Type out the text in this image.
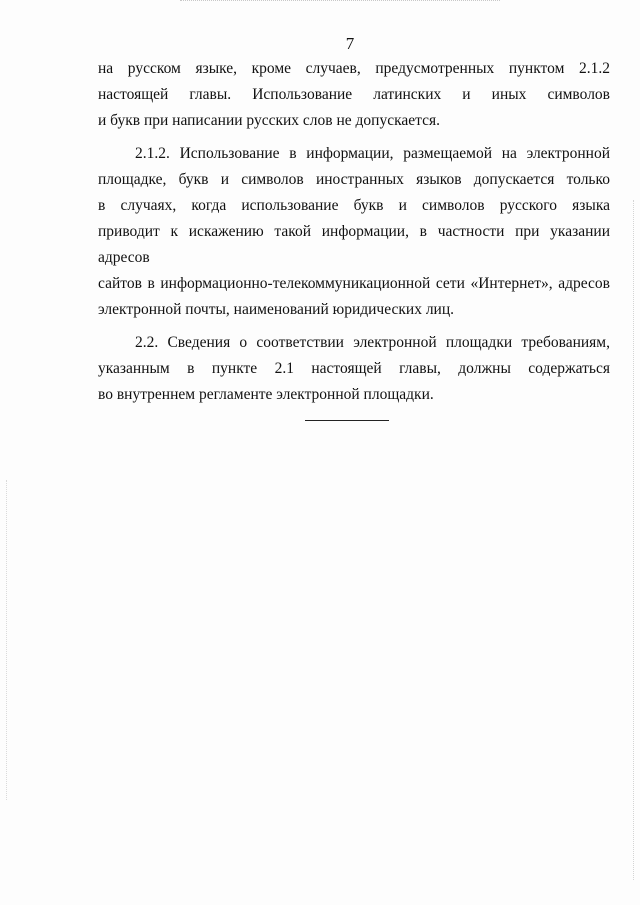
7

на русском языке, кроме случаев, предусмотренных пунктом 2.1.2
настоящей главы. Использование латинских и иных символов
и букв при написании русских слов не допускается.

2.1.2. Использование в информации, размещаемой на электронной
площадке, букв и символов иностранных языков допускается только
в случаях, когда использование букв и символов русского языка
приводит к искажению такой информации, в частности при указании адресов
сайтов в информационно-телекоммуникационной сети «Интернет», адресов
электронной почты, наименований юридических лиц.

2.2. Сведения о соответствии электронной площадки требованиям,
указанным в пункте 2.1 настоящей главы, должны содержаться
во внутреннем регламенте электронной площадки.
